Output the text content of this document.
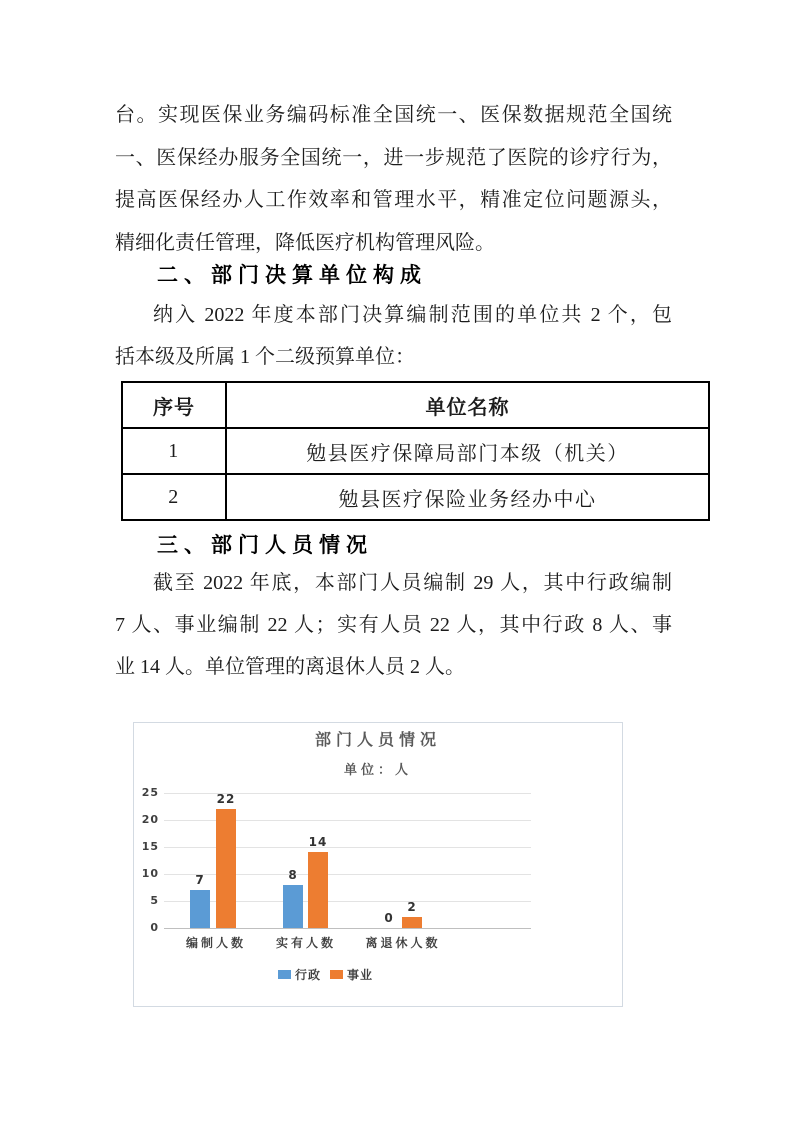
台。实现医保业务编码标准全国统一、医保数据规范全国统
一、医保经办服务全国统一，进一步规范了医院的诊疗行为，
提高医保经办人工作效率和管理水平，精准定位问题源头，
精细化责任管理，降低医疗机构管理风险。
二、部门决算单位构成
纳入 2022 年度本部门决算编制范围的单位共 2 个，包
括本级及所属 1 个二级预算单位：
序号	单位名称
1	勉县医疗保障局部门本级（机关）
2	勉县医疗保险业务经办中心
三、部门人员情况
截至 2022 年底，本部门人员编制 29 人，其中行政编制
7 人、事业编制 22 人；实有人员 22 人，其中行政 8 人、事
业 14 人。单位管理的离退休人员 2 人。
部门人员情况
单位：人
0
5
10
15
20
25
7	8
0
22
14
2
编制人数	实有人数	离退休人数
行政 事业
